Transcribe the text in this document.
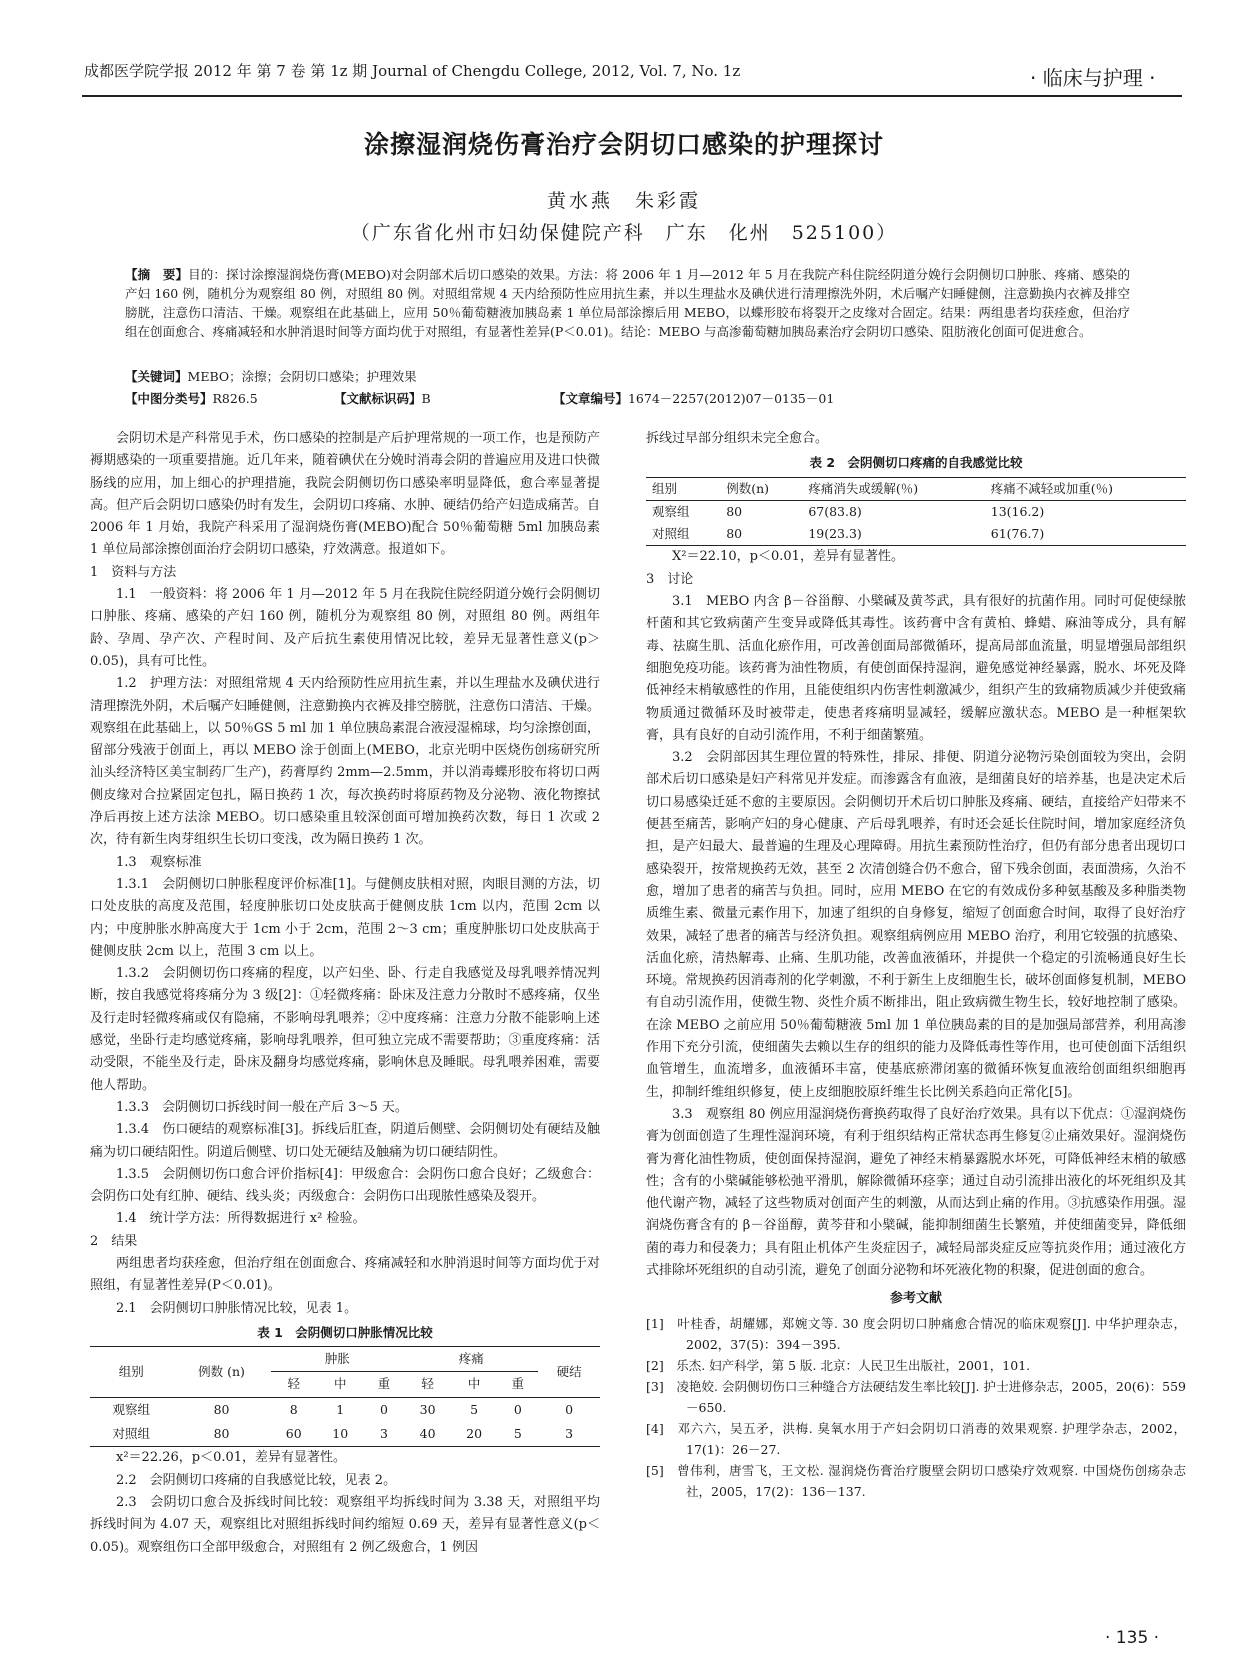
成都医学院学报 2012 年 第 7 卷 第 1z 期 Journal of Chengdu College, 2012, Vol. 7, No. 1z	· 临床与护理 ·
涂擦湿润烧伤膏治疗会阴切口感染的护理探讨
黄水燕　朱彩霞
（广东省化州市妇幼保健院产科　广东　化州　525100）
【摘　要】目的：探讨涂擦湿润烧伤膏(MEBO)对会阴部术后切口感染的效果。方法：将 2006 年 1 月—2012 年 5 月在我院产科住院经阴道分娩行会阴侧切口肿胀、疼痛、感染的产妇 160 例，随机分为观察组 80 例，对照组 80 例。对照组常规 4 天内给预防性应用抗生素，并以生理盐水及碘伏进行清理擦洗外阴，术后嘱产妇睡健侧，注意勤换内衣裤及排空膀胱，注意伤口清洁、干燥。观察组在此基础上，应用 50％葡萄糖液加胰岛素 1 单位局部涂擦后用 MEBO，以蝶形胶布将裂开之皮缘对合固定。结果：两组患者均获痊愈，但治疗组在创面愈合、疼痛减轻和水肿消退时间等方面均优于对照组，有显著性差异(P＜0.01)。结论：MEBO 与高渗葡萄糖加胰岛素治疗会阴切口感染、阻肪液化创面可促进愈合。
【关键词】MEBO；涂擦；会阴切口感染；护理效果
【中图分类号】R826.5	【文献标识码】B	【文章编号】1674－2257(2012)07－0135－01

会阴切术是产科常见手术，伤口感染的控制是产后护理常规的一项工作，也是预防产褥期感染的一项重要措施。近几年来，随着碘伏在分娩时消毒会阴的普遍应用及进口快微肠线的应用，加上细心的护理措施，我院会阴侧切伤口感染率明显降低，愈合率显著提高。但产后会阴切口感染仍时有发生，会阴切口疼痛、水肿、硬结仍给产妇造成痛苦。自 2006 年 1 月始，我院产科采用了湿润烧伤膏(MEBO)配合 50％葡萄糖 5ml 加胰岛素 1 单位局部涂擦创面治疗会阴切口感染，疗效满意。报道如下。

1　资料与方法

1.1　一般资料：将 2006 年 1 月—2012 年 5 月在我院住院经阴道分娩行会阴侧切口肿胀、疼痛、感染的产妇 160 例，随机分为观察组 80 例，对照组 80 例。两组年龄、孕周、孕产次、产程时间、及产后抗生素使用情况比较，差异无显著性意义(p＞0.05)，具有可比性。

1.2　护理方法：对照组常规 4 天内给预防性应用抗生素，并以生理盐水及碘伏进行清理擦洗外阴，术后嘱产妇睡健侧，注意勤换内衣裤及排空膀胱，注意伤口清洁、干燥。观察组在此基础上，以 50％GS 5 ml 加 1 单位胰岛素混合液浸湿棉球，均匀涂擦创面，留部分残液于创面上，再以 MEBO 涂于创面上(MEBO，北京光明中医烧伤创疡研究所汕头经济特区美宝制药厂生产)，药膏厚约 2mm—2.5mm，并以消毒蝶形胶布将切口两侧皮缘对合拉紧固定包扎，隔日换药 1 次，每次换药时将原药物及分泌物、液化物擦拭净后再按上述方法涂 MEBO。切口感染重且较深创面可增加换药次数，每日 1 次或 2 次，待有新生肉芽组织生长切口变浅，改为隔日换药 1 次。

1.3　观察标准

1.3.1　会阴侧切口肿胀程度评价标准[1]。与健侧皮肤相对照，肉眼目测的方法，切口处皮肤的高度及范围，轻度肿胀切口处皮肤高于健侧皮肤 1cm 以内，范围 2cm 以内；中度肿胀水肿高度大于 1cm 小于 2cm，范围 2～3 cm；重度肿胀切口处皮肤高于健侧皮肤 2cm 以上，范围 3 cm 以上。

1.3.2　会阴侧切伤口疼痛的程度，以产妇坐、卧、行走自我感觉及母乳喂养情况判断，按自我感觉将疼痛分为 3 级[2]：①轻微疼痛：卧床及注意力分散时不感疼痛，仅坐及行走时轻微疼痛或仅有隐痛，不影响母乳喂养；②中度疼痛：注意力分散不能影响上述感觉，坐卧行走均感觉疼痛，影响母乳喂养，但可独立完成不需要帮助；③重度疼痛：活动受限，不能坐及行走，卧床及翻身均感觉疼痛，影响休息及睡眠。母乳喂养困难，需要他人帮助。

1.3.3　会阴侧切口拆线时间一般在产后 3～5 天。

1.3.4　伤口硬结的观察标准[3]。拆线后肛查，阴道后侧壁、会阴侧切处有硬结及触痛为切口硬结阳性。阴道后侧壁、切口处无硬结及触痛为切口硬结阴性。

1.3.5　会阴侧切伤口愈合评价指标[4]：甲级愈合：会阴伤口愈合良好；乙级愈合：会阴伤口处有红肿、硬结、线头炎；丙级愈合：会阴伤口出现脓性感染及裂开。

1.4　统计学方法：所得数据进行 x² 检验。

2　结果

两组患者均获痊愈，但治疗组在创面愈合、疼痛减轻和水肿消退时间等方面均优于对照组，有显著性差异(P＜0.01)。

2.1　会阴侧切口肿胀情况比较，见表 1。

表 1　会阴侧切口肿胀情况比较
组别	例数 (n)	肿胀			疼痛			硬结
		轻	中	重	轻	中	重	
观察组	80	8	1	0	30	5	0	0
对照组	80	60	10	3	40	20	5	3

x²＝22.26，p＜0.01，差异有显著性。

2.2　会阴侧切口疼痛的自我感觉比较，见表 2。

2.3　会阴切口愈合及拆线时间比较：观察组平均拆线时间为 3.38 天，对照组平均拆线时间为 4.07 天，观察组比对照组拆线时间约缩短 0.69 天，差异有显著性意义(p＜0.05)。观察组伤口全部甲级愈合，对照组有 2 例乙级愈合，1 例因

拆线过早部分组织未完全愈合。

表 2　会阴侧切口疼痛的自我感觉比较
组别	例数(n)	疼痛消失或缓解(％)	疼痛不减轻或加重(％)
观察组	80	67(83.8)	13(16.2)
对照组	80	19(23.3)	61(76.7)

X²＝22.10，p＜0.01，差异有显著性。

3　讨论

3.1　MEBO 内含 β－谷甾醇、小檗碱及黄芩武，具有很好的抗菌作用。同时可促使绿脓杆菌和其它致病菌产生变异或降低其毒性。该药膏中含有黄柏、蜂蜡、麻油等成分，具有解毒、祛腐生肌、活血化瘀作用，可改善创面局部微循环，提高局部血流量，明显增强局部组织细胞免疫功能。该药膏为油性物质，有使创面保持湿润，避免感觉神经暴露，脱水、坏死及降低神经末梢敏感性的作用，且能使组织内伤害性刺激减少，组织产生的致痛物质减少并使致痛物质通过微循环及时被带走，使患者疼痛明显减轻，缓解应激状态。MEBO 是一种框架软膏，具有良好的自动引流作用，不利于细菌繁殖。

3.2　会阴部因其生理位置的特殊性，排尿、排便、阴道分泌物污染创面较为突出，会阴部术后切口感染是妇产科常见并发症。而渗露含有血液，是细菌良好的培养基，也是决定术后切口易感染迁延不愈的主要原因。会阴侧切开术后切口肿胀及疼痛、硬结，直接给产妇带来不便甚至痛苦，影响产妇的身心健康、产后母乳喂养，有时还会延长住院时间，增加家庭经济负担，是产妇最大、最普遍的生理及心理障碍。用抗生素预防性治疗，但仍有部分患者出现切口感染裂开，按常规换药无效，甚至 2 次清创缝合仍不愈合，留下残余创面，表面溃疡，久治不愈，增加了患者的痛苦与负担。同时，应用 MEBO 在它的有效成份多种氨基酸及多种脂类物质维生素、微量元素作用下，加速了组织的自身修复，缩短了创面愈合时间，取得了良好治疗效果，减轻了患者的痛苦与经济负担。观察组病例应用 MEBO 治疗，利用它较强的抗感染、活血化瘀，清热解毒、止痛、生肌功能，改善血液循环，并提供一个稳定的引流畅通良好生长环境。常规换药因消毒剂的化学刺激，不利于新生上皮细胞生长，破坏创面修复机制，MEBO 有自动引流作用，使微生物、炎性介质不断排出，阻止致病微生物生长，较好地控制了感染。在涂 MEBO 之前应用 50％葡萄糖液 5ml 加 1 单位胰岛素的目的是加强局部营养，利用高渗作用下充分引流，使细菌失去赖以生存的组织的能力及降低毒性等作用，也可使创面下活组织血管增生，血流增多，血液循环丰富，使基底瘀滞闭塞的微循环恢复血液给创面组织细胞再生，抑制纤维组织修复，使上皮细胞胶原纤维生长比例关系趋向正常化[5]。

3.3　观察组 80 例应用湿润烧伤膏换药取得了良好治疗效果。具有以下优点：①湿润烧伤膏为创面创造了生理性湿润环境，有利于组织结构正常状态再生修复②止痛效果好。湿润烧伤膏为膏化油性物质，使创面保持湿润，避免了神经末梢暴露脱水坏死，可降低神经末梢的敏感性；含有的小檗碱能够松弛平滑肌，解除微循环痉挛；通过自动引流排出液化的坏死组织及其他代谢产物，减轻了这些物质对创面产生的刺激，从而达到止痛的作用。③抗感染作用强。湿润烧伤膏含有的 β－谷甾醇，黄芩苷和小檗碱，能抑制细菌生长繁殖，并使细菌变异，降低细菌的毒力和侵袭力；具有阻止机体产生炎症因子，减轻局部炎症反应等抗炎作用；通过液化方式排除坏死组织的自动引流，避免了创面分泌物和坏死液化物的积聚，促进创面的愈合。

参考文献

[1]　叶桂香，胡耀娜，郑婉文等. 30 度会阴切口肿痛愈合情况的临床观察[J]. 中华护理杂志，2002，37(5)：394－395.

[2]　乐杰. 妇产科学，第 5 版. 北京：人民卫生出版社，2001，101.

[3]　凌艳姣. 会阴侧切伤口三种缝合方法硬结发生率比较[J]. 护士进修杂志，2005，20(6)：559－650.

[4]　邓六六，吴五矛，洪梅. 臭氧水用于产妇会阴切口消毒的效果观察. 护理学杂志，2002，17(1)：26－27.

[5]　曾伟利，唐雪飞，王文松. 湿润烧伤膏治疗腹壁会阴切口感染疗效观察. 中国烧伤创疡杂志社，2005，17(2)：136－137.

· 135 ·
